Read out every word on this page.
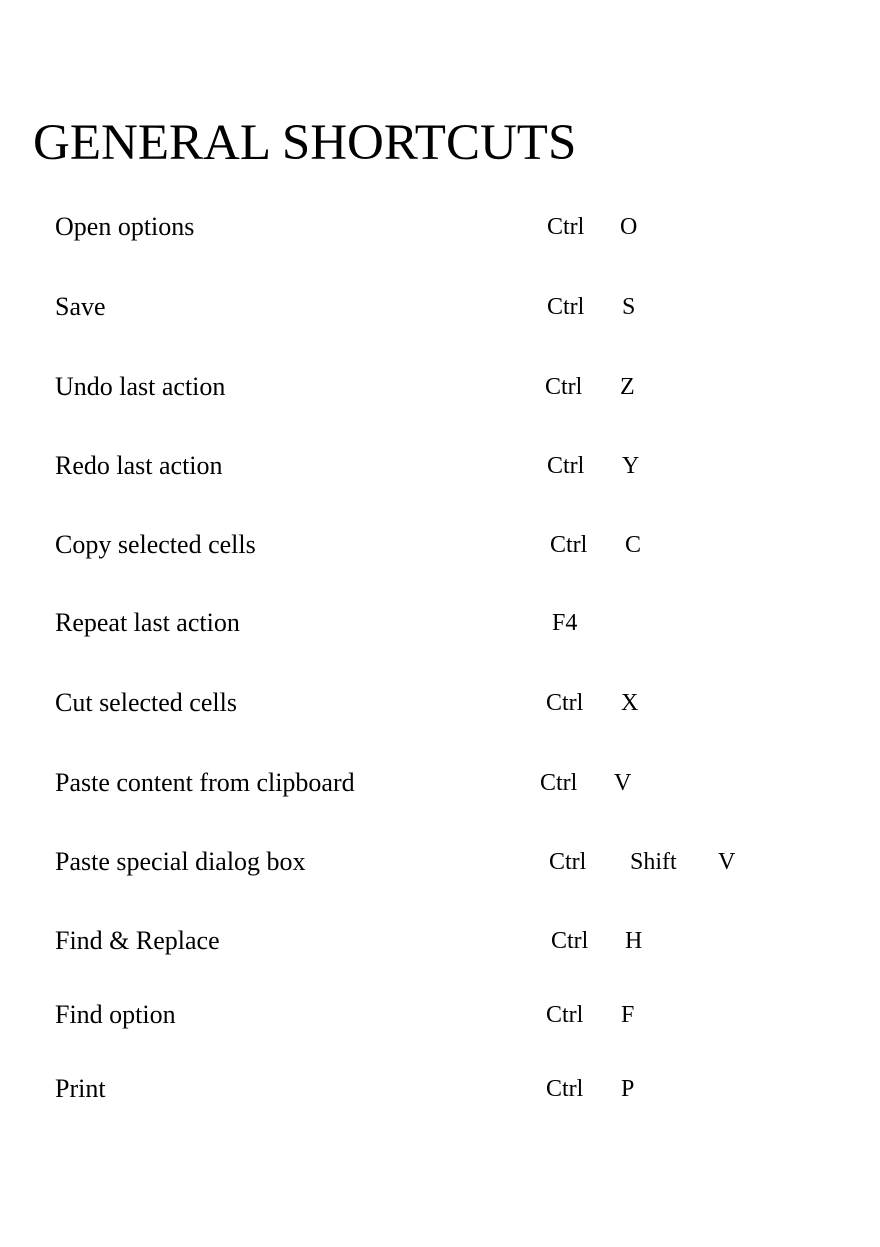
GENERAL SHORTCUTS
Open options	Ctrl O
Save	Ctrl S
Undo last action	Ctrl Z
Redo last action	Ctrl Y
Copy selected cells	Ctrl C
Repeat last action	F4
Cut selected cells	Ctrl X
Paste content from clipboard	Ctrl V
Paste special dialog box	Ctrl Shift V
Find & Replace	Ctrl H
Find option	Ctrl F
Print	Ctrl P
